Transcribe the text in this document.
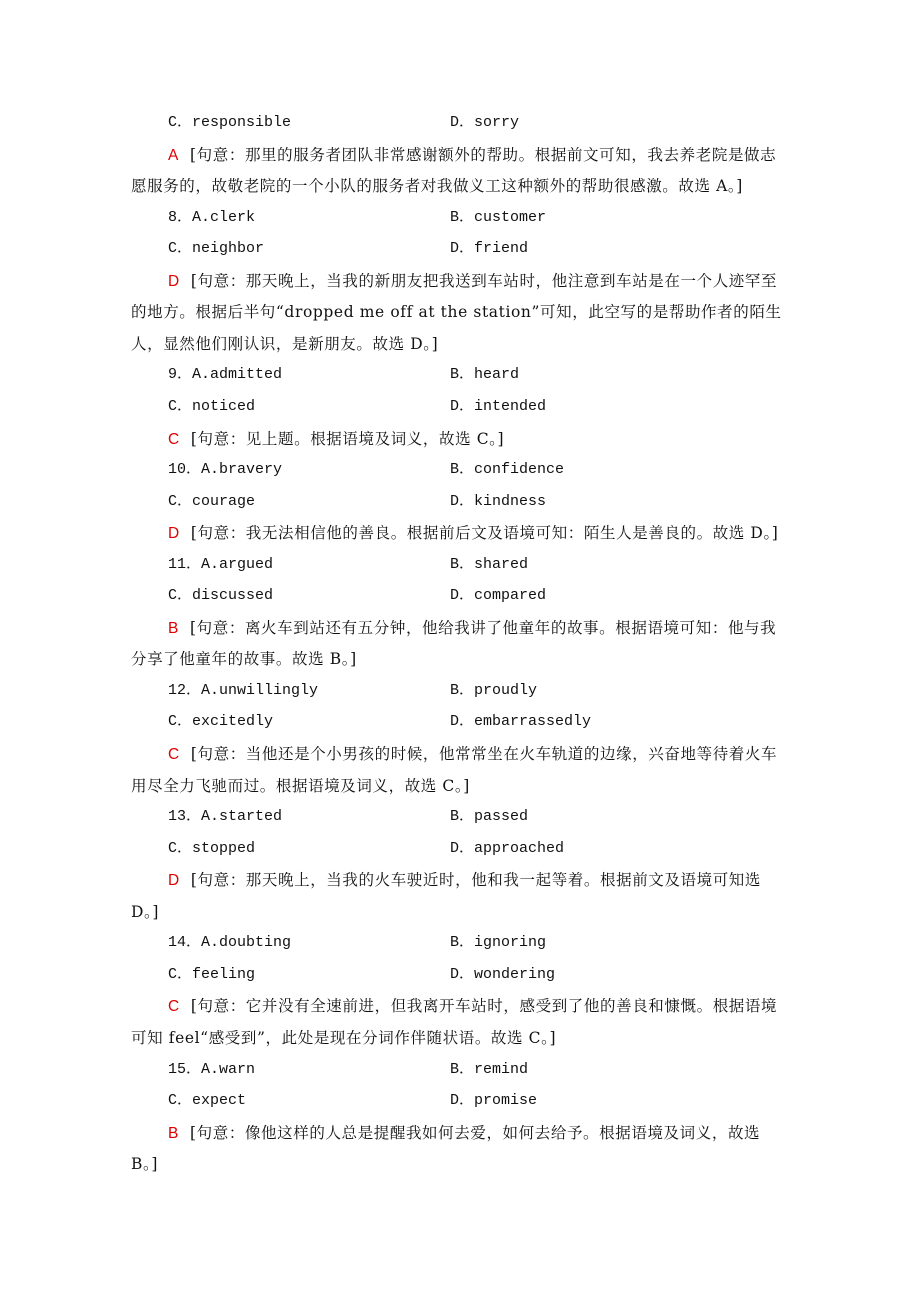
C．responsible	D．sorry
A  [句意：那里的服务者团队非常感谢额外的帮助。根据前文可知，我去养老院是做志
愿服务的，故敬老院的一个小队的服务者对我做义工这种额外的帮助很感激。故选 A。]
8．A.clerk	B．customer
C．neighbor	D．friend
D  [句意：那天晚上，当我的新朋友把我送到车站时，他注意到车站是在一个人迹罕至
的地方。根据后半句“dropped me off at the station”可知，此空写的是帮助作者的陌生
人，显然他们刚认识，是新朋友。故选 D。]
9．A.admitted	B．heard
C．noticed	D．intended
C  [句意：见上题。根据语境及词义，故选 C。]
10．A.bravery	B．confidence
C．courage	D．kindness
D  [句意：我无法相信他的善良。根据前后文及语境可知：陌生人是善良的。故选 D。]
11．A.argued	B．shared
C．discussed	D．compared
B  [句意：离火车到站还有五分钟，他给我讲了他童年的故事。根据语境可知：他与我
分享了他童年的故事。故选 B。]
12．A.unwillingly	B．proudly
C．excitedly	D．embarrassedly
C  [句意：当他还是个小男孩的时候，他常常坐在火车轨道的边缘，兴奋地等待着火车
用尽全力飞驰而过。根据语境及词义，故选 C。]
13．A.started	B．passed
C．stopped	D．approached
D  [句意：那天晚上，当我的火车驶近时，他和我一起等着。根据前文及语境可知选
D。]
14．A.doubting	B．ignoring
C．feeling	D．wondering
C  [句意：它并没有全速前进，但我离开车站时，感受到了他的善良和慷慨。根据语境
可知 feel“感受到”，此处是现在分词作伴随状语。故选 C。]
15．A.warn	B．remind
C．expect	D．promise
B  [句意：像他这样的人总是提醒我如何去爱，如何去给予。根据语境及词义，故选
B。]
